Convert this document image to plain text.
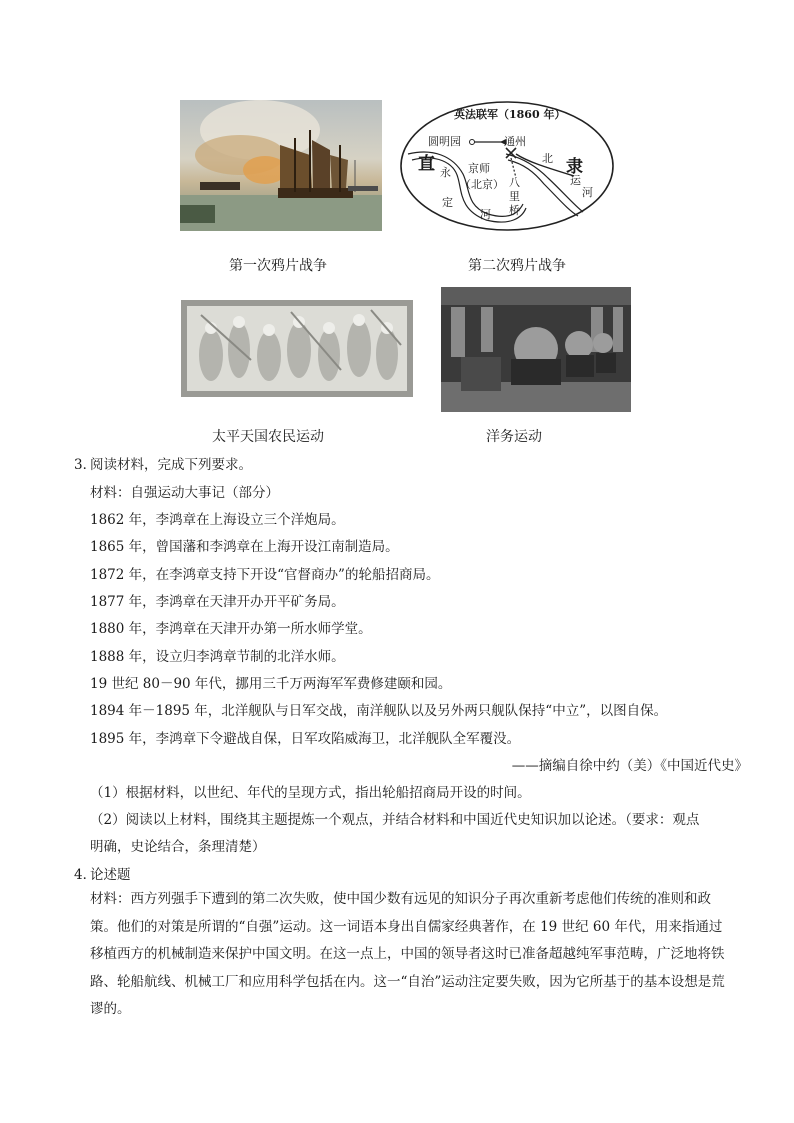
第一次鸦片战争
英法联军（1860 年）
圆明园	通州
直	隶
北
运
河
京师
（北京）
永
定
河
八
里
桥
第二次鸦片战争
太平天国农民运动	洋务运动
3．
阅读材料，完成下列要求。
材料：自强运动大事记（部分）
1862 年，李鸿章在上海设立三个洋炮局。
1865 年，曾国藩和李鸿章在上海开设江南制造局。
1872 年，在李鸿章支持下开设“官督商办”的轮船招商局。
1877 年，李鸿章在天津开办开平矿务局。
1880 年，李鸿章在天津开办第一所水师学堂。
1888 年，设立归李鸿章节制的北洋水师。
19 世纪 80－90 年代，挪用三千万两海军军费修建颐和园。
1894 年－1895 年，北洋舰队与日军交战，南洋舰队以及另外两只舰队保持“中立”，以图自保。
1895 年，李鸿章下令避战自保，日军攻陷威海卫，北洋舰队全军覆没。
——摘编自徐中约（美）《中国近代史》
（1）根据材料，以世纪、年代的呈现方式，指出轮船招商局开设的时间。
（2）阅读以上材料，围绕其主题提炼一个观点，并结合材料和中国近代史知识加以论述。（要求：观点
明确，史论结合，条理清楚）
4．
论述题
材料：西方列强手下遭到的第二次失败，使中国少数有远见的知识分子再次重新考虑他们传统的准则和政策。他们的对策是所谓的“自强”运动。这一词语本身出自儒家经典著作，在 19 世纪 60 年代，用来指通过移植西方的机械制造来保护中国文明。在这一点上，中国的领导者这时已准备超越纯军事范畴，广泛地将铁路、轮船航线、机械工厂和应用科学包括在内。这一“自治”运动注定要失败，因为它所基于的基本设想是荒谬的。
